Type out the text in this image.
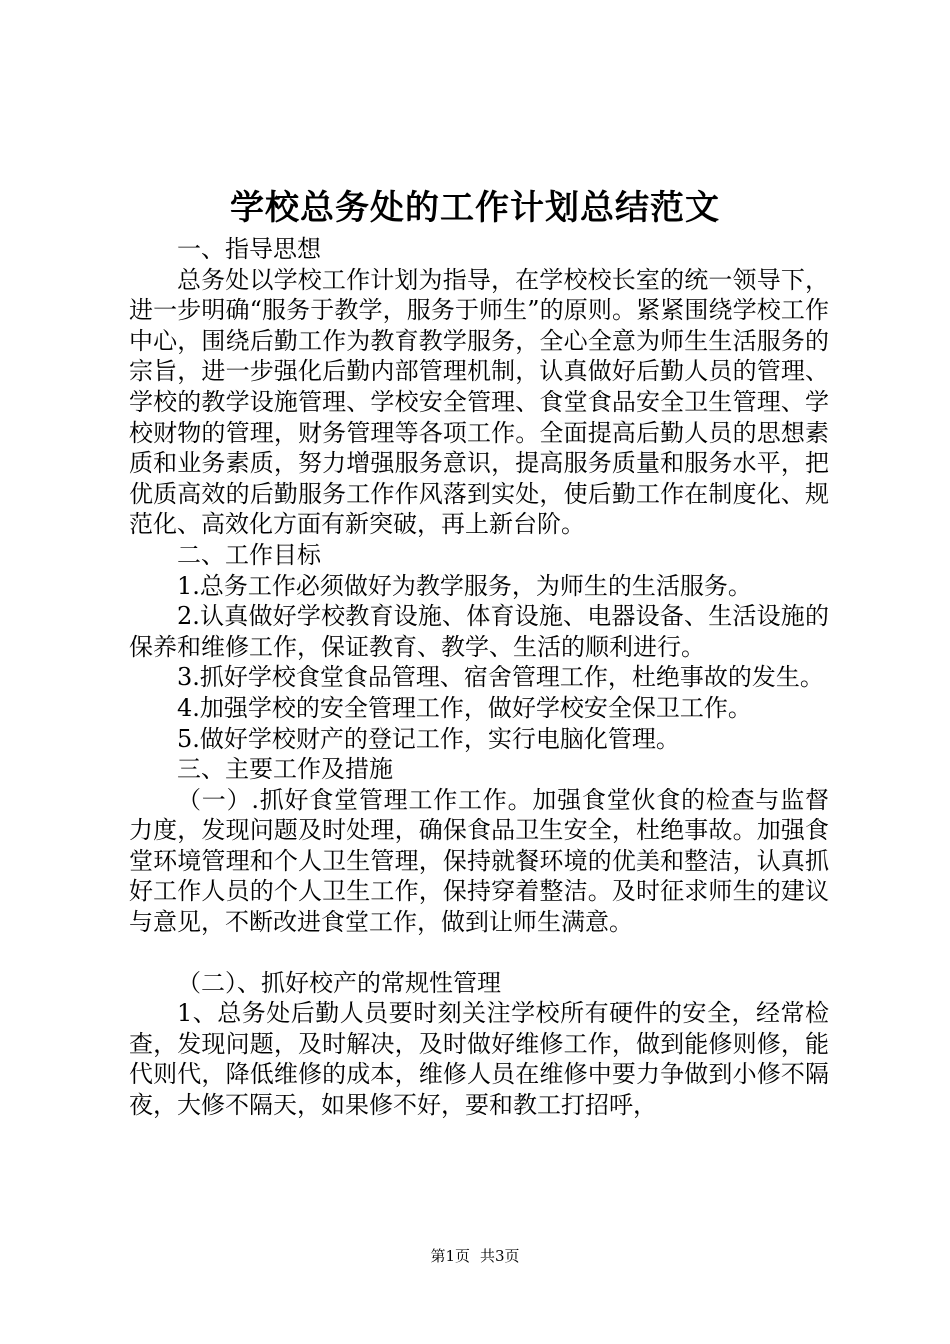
学校总务处的工作计划总结范文

一、指导思想

总务处以学校工作计划为指导，在学校校长室的统一领导下，进一步明确“服务于教学，服务于师生”的原则。紧紧围绕学校工作中心，围绕后勤工作为教育教学服务，全心全意为师生生活服务的宗旨，进一步强化后勤内部管理机制，认真做好后勤人员的管理、学校的教学设施管理、学校安全管理、食堂食品安全卫生管理、学校财物的管理，财务管理等各项工作。全面提高后勤人员的思想素质和业务素质，努力增强服务意识，提高服务质量和服务水平，把优质高效的后勤服务工作作风落到实处，使后勤工作在制度化、规范化、高效化方面有新突破，再上新台阶。

二、工作目标

1.总务工作必须做好为教学服务，为师生的生活服务。

2.认真做好学校教育设施、体育设施、电器设备、生活设施的保养和维修工作，保证教育、教学、生活的顺利进行。

3.抓好学校食堂食品管理、宿舍管理工作，杜绝事故的发生。

4.加强学校的安全管理工作，做好学校安全保卫工作。

5.做好学校财产的登记工作，实行电脑化管理。

三、主要工作及措施

（一）.抓好食堂管理工作工作。加强食堂伙食的检查与监督力度，发现问题及时处理，确保食品卫生安全，杜绝事故。加强食堂环境管理和个人卫生管理，保持就餐环境的优美和整洁，认真抓好工作人员的个人卫生工作，保持穿着整洁。及时征求师生的建议与意见，不断改进食堂工作，做到让师生满意。

（二）、抓好校产的常规性管理

1、总务处后勤人员要时刻关注学校所有硬件的安全，经常检查，发现问题，及时解决，及时做好维修工作，做到能修则修，能代则代，降低维修的成本，维修人员在维修中要力争做到小修不隔夜，大修不隔天，如果修不好，要和教工打招呼，

第1页 共3页
